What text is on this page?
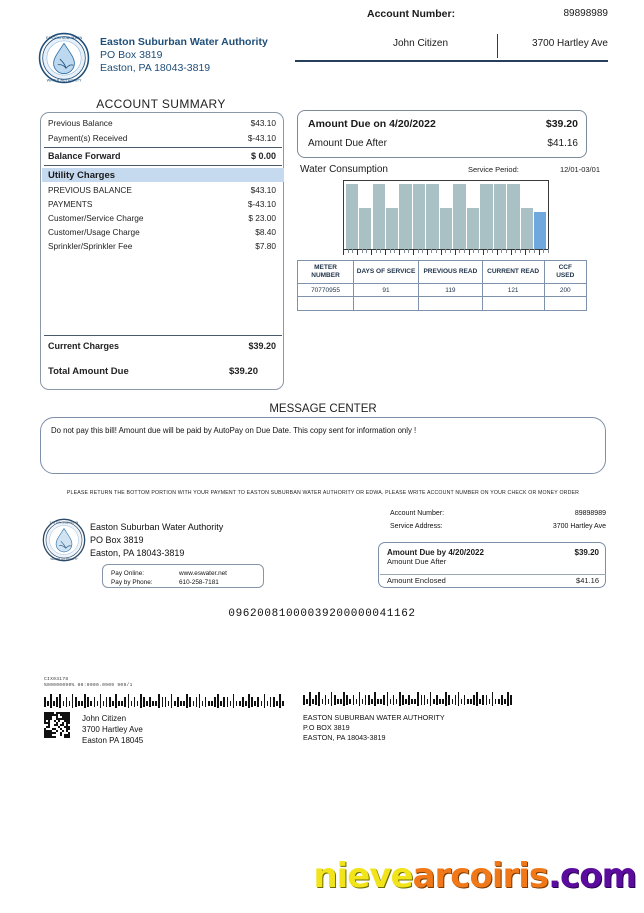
EASTON SUBURBAN
WATER AUTHORITY
Easton Suburban Water Authority
PO Box 3819
Easton, PA 18043-3819
Account Number:	89898989
John Citizen	3700 Hartley Ave
ACCOUNT SUMMARY
Previous Balance	$43.10
Payment(s) Received	$-43.10
Balance Forward	$ 0.00
Utility Charges
PREVIOUS BALANCE	$43.10
PAYMENTS	$-43.10
Customer/Service Charge	$ 23.00
Customer/Usage Charge	$8.40
Sprinkler/Sprinkler Fee	$7.80
Current Charges	$39.20
Total Amount Due	$39.20
Amount Due on 4/20/2022	$39.20
Amount Due After	$41.16
Water Consumption	Service Period:	12/01-03/01
METER
NUMBER	DAYS OF SERVICE	PREVIOUS READ	CURRENT READ	CCF
USED
70770955	91	119	121	200

MESSAGE CENTER
Do not pay this bill! Amount due will be paid by AutoPay on Due Date. This copy sent for information only !
PLEASE RETURN THE BOTTOM PORTION WITH YOUR PAYMENT TO EASTON SUBURBAN WATER AUTHORITY OR EDWA. PLEASE WRITE ACCOUNT NUMBER ON YOUR CHECK OR MONEY ORDER
EASTON SUBURBAN
WATER AUTHORITY
Easton Suburban Water Authority
PO Box 3819
Easton, PA 18043-3819
Pay Online:	www.eswater.net
Pay by Phone:	610-258-7181
Account Number:	89898989
Service Address:	3700 Hartley Ave
Amount Due by 4/20/2022	$39.20
Amount Due After
Amount Enclosed	$41.16
09620081000039200000041162
CIX03178
%00000090% 00:0000.0909 909/1
John Citizen
3700 Hartley Ave
Easton PA 18045
EASTON SUBURBAN WATER AUTHORITY
P.O BOX 3819
EASTON, PA 18043-3819
nievearcoiris.com
